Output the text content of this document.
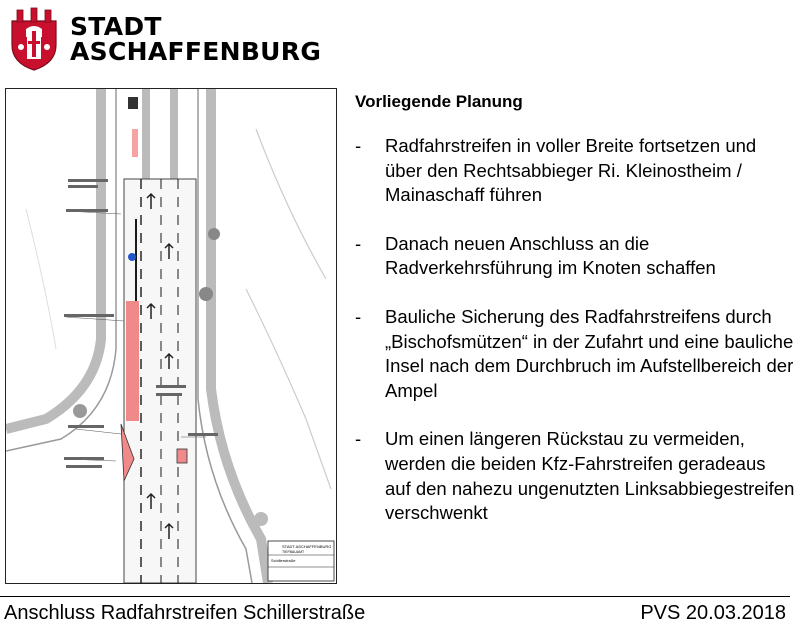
STADT
ASCHAFFENBURG
STADT ASCHAFFENBURG
TIEFBAUAMT
Schillerstraße
Vorliegende Planung
- Radfahrstreifen in voller Breite fortsetzen und über den Rechtsabbieger Ri. Kleinostheim / Mainaschaff führen
- Danach neuen Anschluss an die Radverkehrsführung im Knoten schaffen
- Bauliche Sicherung des Radfahrstreifens durch „Bischofsmützen“ in der Zufahrt und eine bauliche Insel nach dem Durchbruch im Aufstellbereich der Ampel
- Um einen längeren Rückstau zu vermeiden, werden die beiden Kfz-Fahrstreifen geradeaus auf den nahezu ungenutzten Linksabbiegestreifen verschwenkt
Anschluss Radfahrstreifen Schillerstraße	PVS 20.03.2018
